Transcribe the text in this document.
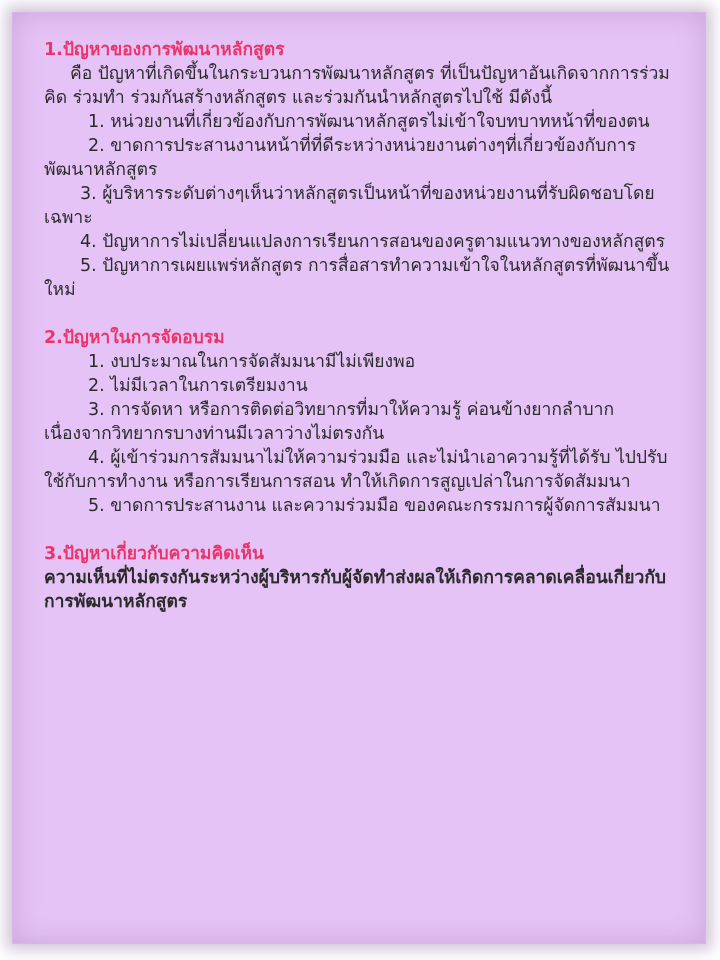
1.ปัญหาของการพัฒนาหลักสูตร

คือ ปัญหาที่เกิดขึ้นในกระบวนการพัฒนาหลักสูตร ที่เป็นปัญหาอันเกิดจากการร่วมคิด ร่วมทำ ร่วมกันสร้างหลักสูตร และร่วมกันนำหลักสูตรไปใช้ มีดังนี้

1. หน่วยงานที่เกี่ยวข้องกับการพัฒนาหลักสูตรไม่เข้าใจบทบาทหน้าที่ของตน

2. ขาดการประสานงานหน้าที่ที่ดีระหว่างหน่วยงานต่างๆที่เกี่ยวข้องกับการพัฒนาหลักสูตร

3. ผู้บริหารระดับต่างๆเห็นว่าหลักสูตรเป็นหน้าที่ของหน่วยงานที่รับผิดชอบโดยเฉพาะ

4. ปัญหาการไม่เปลี่ยนแปลงการเรียนการสอนของครูตามแนวทางของหลักสูตร

5. ปัญหาการเผยแพร่หลักสูตร การสื่อสารทำความเข้าใจในหลักสูตรที่พัฒนาขึ้นใหม่

2.ปัญหาในการจัดอบรม

1. งบประมาณในการจัดสัมมนามีไม่เพียงพอ

2. ไม่มีเวลาในการเตรียมงาน

3. การจัดหา หรือการติดต่อวิทยากรที่มาให้ความรู้ ค่อนข้างยากลำบาก เนื่องจากวิทยากรบางท่านมีเวลาว่างไม่ตรงกัน

4. ผู้เข้าร่วมการสัมมนาไม่ให้ความร่วมมือ และไม่นำเอาความรู้ที่ได้รับ ไปปรับใช้กับการทำงาน หรือการเรียนการสอน ทำให้เกิดการสูญเปล่าในการจัดสัมมนา

5. ขาดการประสานงาน และความร่วมมือ ของคณะกรรมการผู้จัดการสัมมนา

3.ปัญหาเกี่ยวกับความคิดเห็น

ความเห็นที่ไม่ตรงกันระหว่างผู้บริหารกับผู้จัดทำส่งผลให้เกิดการคลาดเคลื่อนเกี่ยวกับการพัฒนาหลักสูตร
